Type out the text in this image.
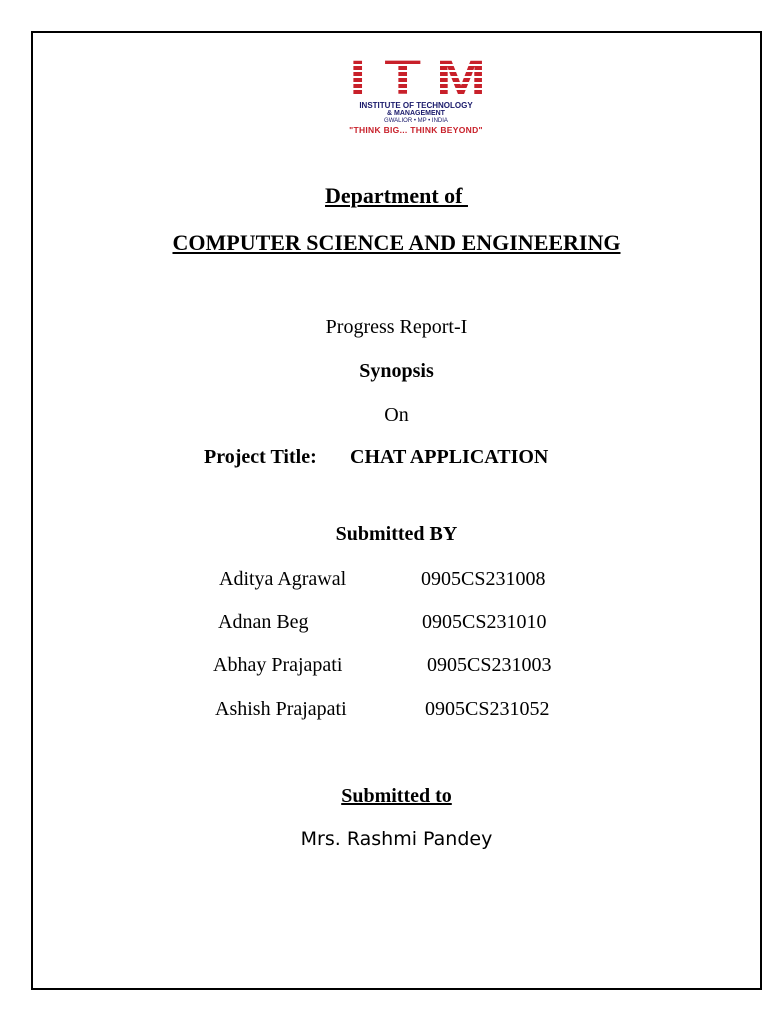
I T M
INSTITUTE OF TECHNOLOGY
& MANAGEMENT
GWALIOR • MP • INDIA
"THINK BIG... THINK BEYOND"

Department of

COMPUTER SCIENCE AND ENGINEERING

Progress Report-I

Synopsis

On

Project Title: CHAT APPLICATION

Submitted BY

Aditya Agrawal	0905CS231008

Adnan Beg	0905CS231010

Abhay Prajapati	0905CS231003

Ashish Prajapati	0905CS231052

Submitted to

Mrs. Rashmi Pandey
